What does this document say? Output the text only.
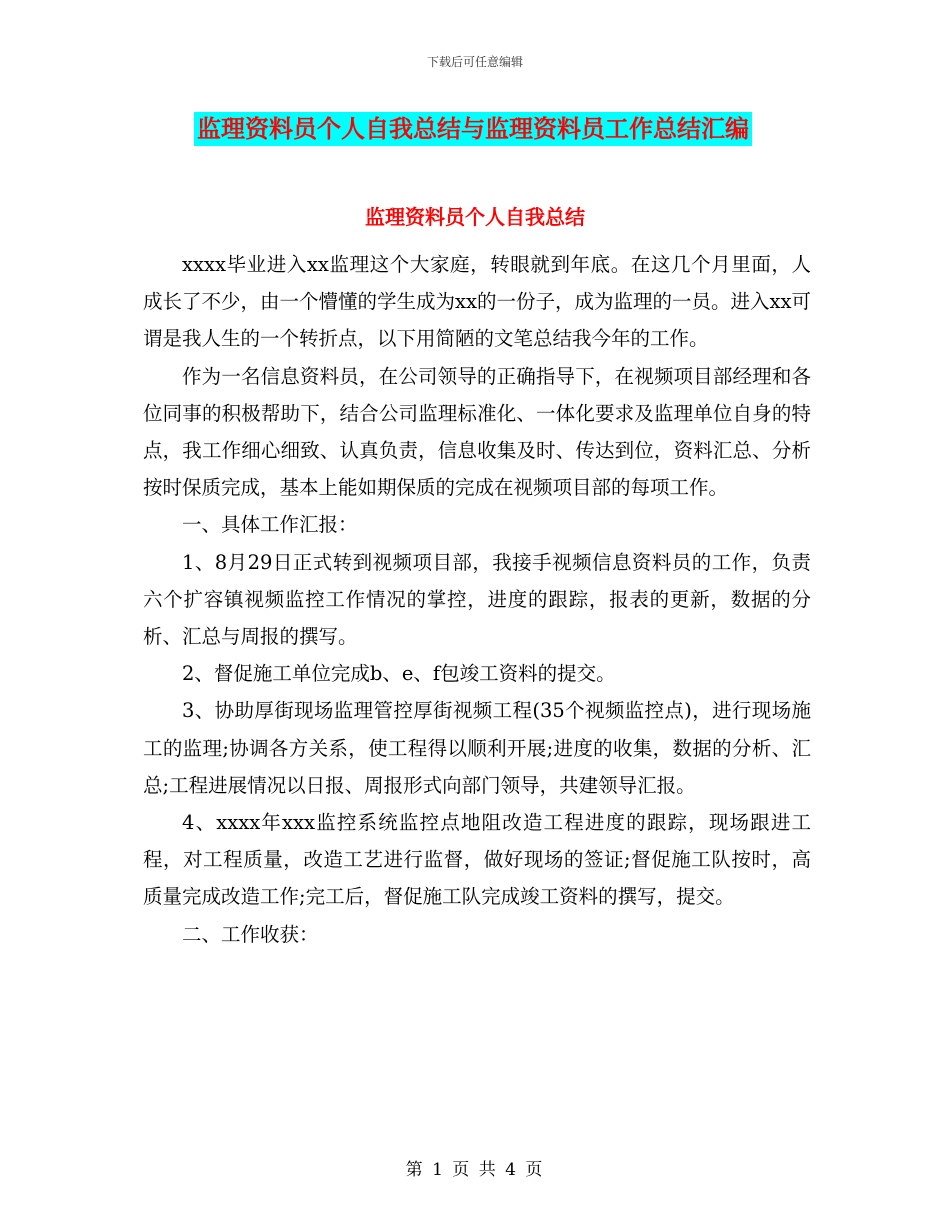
下载后可任意编辑
监理资料员个人自我总结与监理资料员工作总结汇编
监理资料员个人自我总结

xxxx毕业进入xx监理这个大家庭，转眼就到年底。在这几个月里面，人成长了不少，由一个懵懂的学生成为xx的一份子，成为监理的一员。进入xx可谓是我人生的一个转折点，以下用简陋的文笔总结我今年的工作。

作为一名信息资料员，在公司领导的正确指导下，在视频项目部经理和各位同事的积极帮助下，结合公司监理标准化、一体化要求及监理单位自身的特点，我工作细心细致、认真负责，信息收集及时、传达到位，资料汇总、分析按时保质完成，基本上能如期保质的完成在视频项目部的每项工作。

一、具体工作汇报：

1、8月29日正式转到视频项目部，我接手视频信息资料员的工作，负责六个扩容镇视频监控工作情况的掌控，进度的跟踪，报表的更新，数据的分析、汇总与周报的撰写。

2、督促施工单位完成b、e、f包竣工资料的提交。

3、协助厚街现场监理管控厚街视频工程(35个视频监控点)，进行现场施工的监理;协调各方关系，使工程得以顺利开展;进度的收集，数据的分析、汇总;工程进展情况以日报、周报形式向部门领导，共建领导汇报。

4、xxxx年xxx监控系统监控点地阻改造工程进度的跟踪，现场跟进工程，对工程质量，改造工艺进行监督，做好现场的签证;督促施工队按时，高质量完成改造工作;完工后，督促施工队完成竣工资料的撰写，提交。

二、工作收获：

第 1 页 共 4 页
